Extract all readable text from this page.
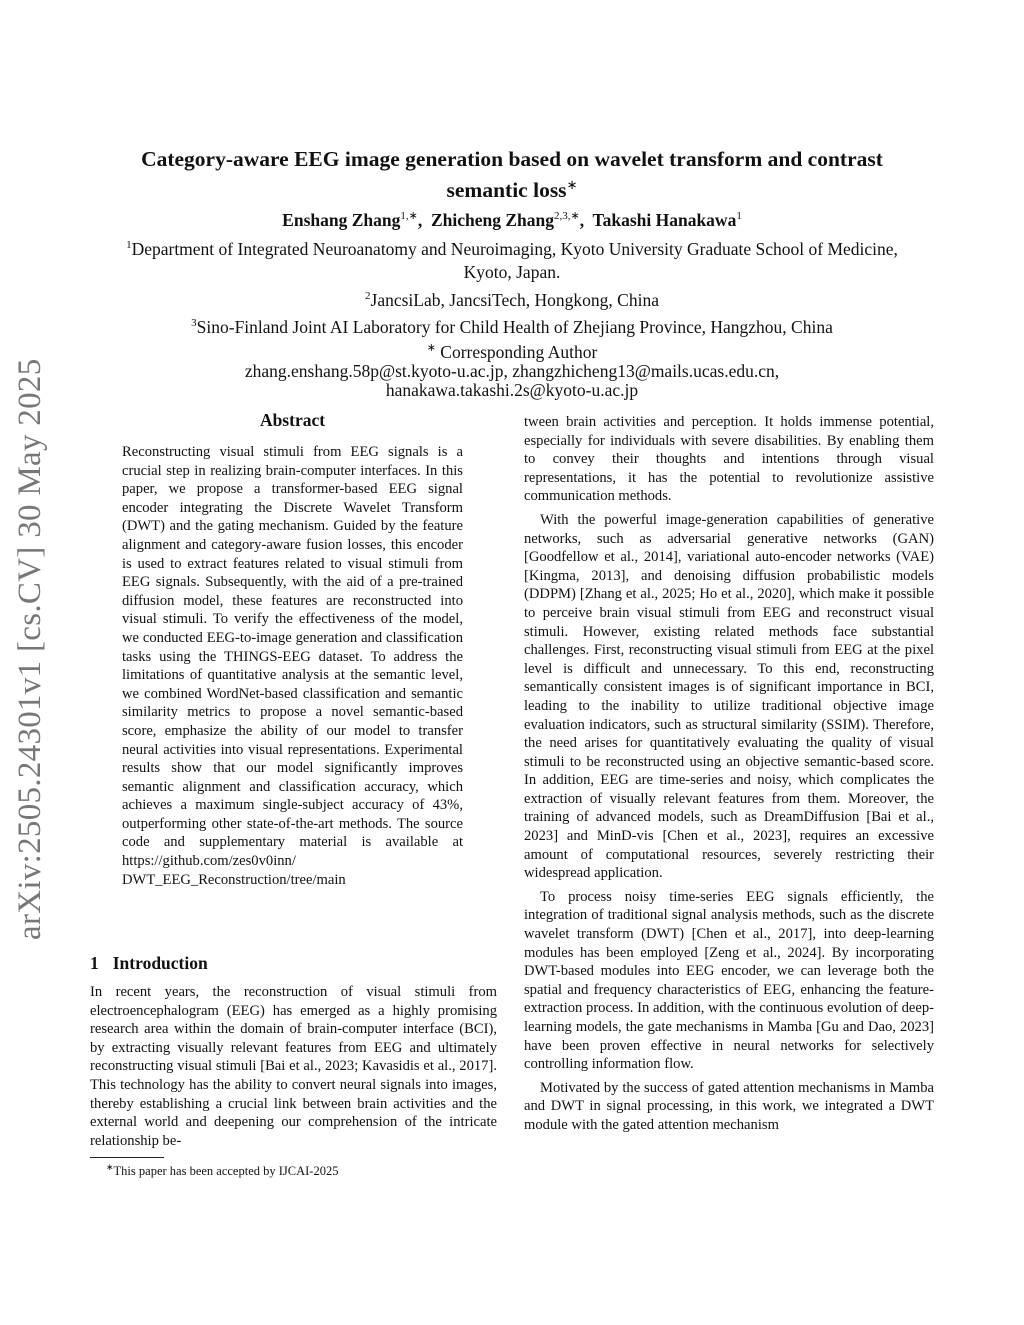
arXiv:2505.24301v1 [cs.CV] 30 May 2025
Category-aware EEG image generation based on wavelet transform and contrast
semantic loss∗
Enshang Zhang$^{1,∗}$,  Zhicheng Zhang$^{2,3,∗}$,  Takashi Hanakawa$^1$
$^1$Department of Integrated Neuroanatomy and Neuroimaging, Kyoto University Graduate School of Medicine, Kyoto, Japan.
$^2$JancsiLab, JancsiTech, Hongkong, China
$^3$Sino-Finland Joint AI Laboratory for Child Health of Zhejiang Province, Hangzhou, China
∗ Corresponding Author
zhang.enshang.58p@st.kyoto-u.ac.jp, zhangzhicheng13@mails.ucas.edu.cn,
hanakawa.takashi.2s@kyoto-u.ac.jp
Abstract

Reconstructing visual stimuli from EEG signals is a crucial step in realizing brain-computer interfaces. In this paper, we propose a transformer-based EEG signal encoder integrating the Discrete Wavelet Transform (DWT) and the gating mechanism. Guided by the feature alignment and category-aware fusion losses, this encoder is used to extract features related to visual stimuli from EEG signals. Subsequently, with the aid of a pre-trained diffusion model, these features are reconstructed into visual stimuli. To verify the effectiveness of the model, we conducted EEG-to-image generation and classification tasks using the THINGS-EEG dataset. To address the limitations of quantitative analysis at the semantic level, we combined WordNet-based classification and semantic similarity metrics to propose a novel semantic-based score, emphasize the ability of our model to transfer neural activities into visual representations. Experimental results show that our model significantly improves semantic alignment and classification accuracy, which achieves a maximum single-subject accuracy of 43%, outperforming other state-of-the-art methods. The source code and supplementary material is available at https://github.com/zes0v0inn/ DWT_EEG_Reconstruction/tree/main

1 Introduction

In recent years, the reconstruction of visual stimuli from electroencephalogram (EEG) has emerged as a highly promising research area within the domain of brain-computer interface (BCI), by extracting visually relevant features from EEG and ultimately reconstructing visual stimuli [Bai et al., 2023; Kavasidis et al., 2017]. This technology has the ability to convert neural signals into images, thereby establishing a crucial link between brain activities and the external world and deepening our comprehension of the intricate relationship be-

∗This paper has been accepted by IJCAI-2025

tween brain activities and perception. It holds immense potential, especially for individuals with severe disabilities. By enabling them to convey their thoughts and intentions through visual representations, it has the potential to revolutionize assistive communication methods.

With the powerful image-generation capabilities of generative networks, such as adversarial generative networks (GAN) [Goodfellow et al., 2014], variational auto-encoder networks (VAE) [Kingma, 2013], and denoising diffusion probabilistic models (DDPM) [Zhang et al., 2025; Ho et al., 2020], which make it possible to perceive brain visual stimuli from EEG and reconstruct visual stimuli. However, existing related methods face substantial challenges. First, reconstructing visual stimuli from EEG at the pixel level is difficult and unnecessary. To this end, reconstructing semantically consistent images is of significant importance in BCI, leading to the inability to utilize traditional objective image evaluation indicators, such as structural similarity (SSIM). Therefore, the need arises for quantitatively evaluating the quality of visual stimuli to be reconstructed using an objective semantic-based score. In addition, EEG are time-series and noisy, which complicates the extraction of visually relevant features from them. Moreover, the training of advanced models, such as DreamDiffusion [Bai et al., 2023] and MinD-vis [Chen et al., 2023], requires an excessive amount of computational resources, severely restricting their widespread application.

To process noisy time-series EEG signals efficiently, the integration of traditional signal analysis methods, such as the discrete wavelet transform (DWT) [Chen et al., 2017], into deep-learning modules has been employed [Zeng et al., 2024]. By incorporating DWT-based modules into EEG encoder, we can leverage both the spatial and frequency characteristics of EEG, enhancing the feature-extraction process. In addition, with the continuous evolution of deep-learning models, the gate mechanisms in Mamba [Gu and Dao, 2023] have been proven effective in neural networks for selectively controlling information flow.

Motivated by the success of gated attention mechanisms in Mamba and DWT in signal processing, in this work, we integrated a DWT module with the gated attention mechanism
